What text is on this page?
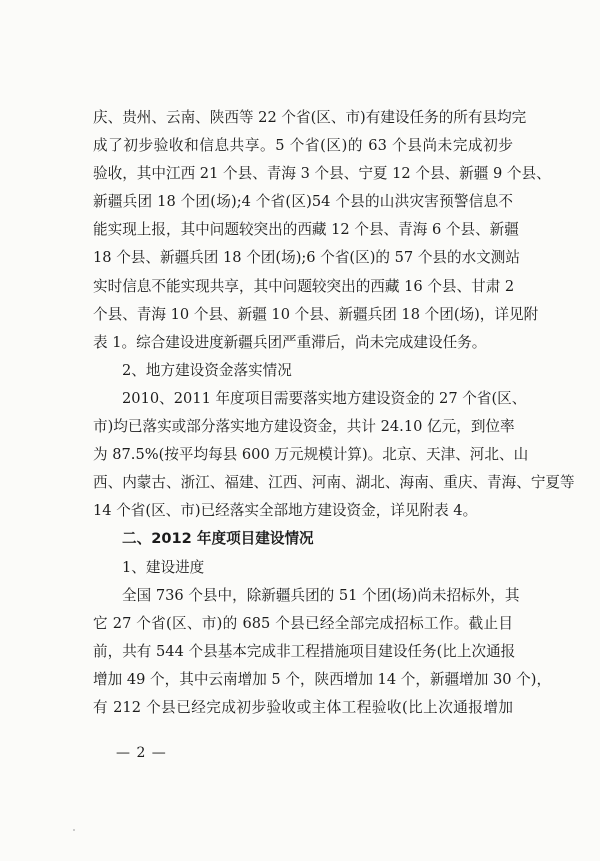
庆、贵州、云南、陕西等 22 个省(区、市)有建设任务的所有县均完
成了初步验收和信息共享。5 个省(区)的 63 个县尚未完成初步
验收，其中江西 21 个县、青海 3 个县、宁夏 12 个县、新疆 9 个县、
新疆兵团 18 个团(场);4 个省(区)54 个县的山洪灾害预警信息不
能实现上报，其中问题较突出的西藏 12 个县、青海 6 个县、新疆
18 个县、新疆兵团 18 个团(场);6 个省(区)的 57 个县的水文测站
实时信息不能实现共享，其中问题较突出的西藏 16 个县、甘肃 2
个县、青海 10 个县、新疆 10 个县、新疆兵团 18 个团(场)，详见附
表 1。综合建设进度新疆兵团严重滞后，尚未完成建设任务。
2、地方建设资金落实情况
2010、2011 年度项目需要落实地方建设资金的 27 个省(区、
市)均已落实或部分落实地方建设资金，共计 24.10 亿元，到位率
为 87.5%(按平均每县 600 万元规模计算)。北京、天津、河北、山
西、内蒙古、浙江、福建、江西、河南、湖北、海南、重庆、青海、宁夏等
14 个省(区、市)已经落实全部地方建设资金，详见附表 4。
二、2012 年度项目建设情况
1、建设进度
全国 736 个县中，除新疆兵团的 51 个团(场)尚未招标外，其
它 27 个省(区、市)的 685 个县已经全部完成招标工作。截止目
前，共有 544 个县基本完成非工程措施项目建设任务(比上次通报
增加 49 个，其中云南增加 5 个，陕西增加 14 个，新疆增加 30 个)，
有 212 个县已经完成初步验收或主体工程验收(比上次通报增加
— 2 —
